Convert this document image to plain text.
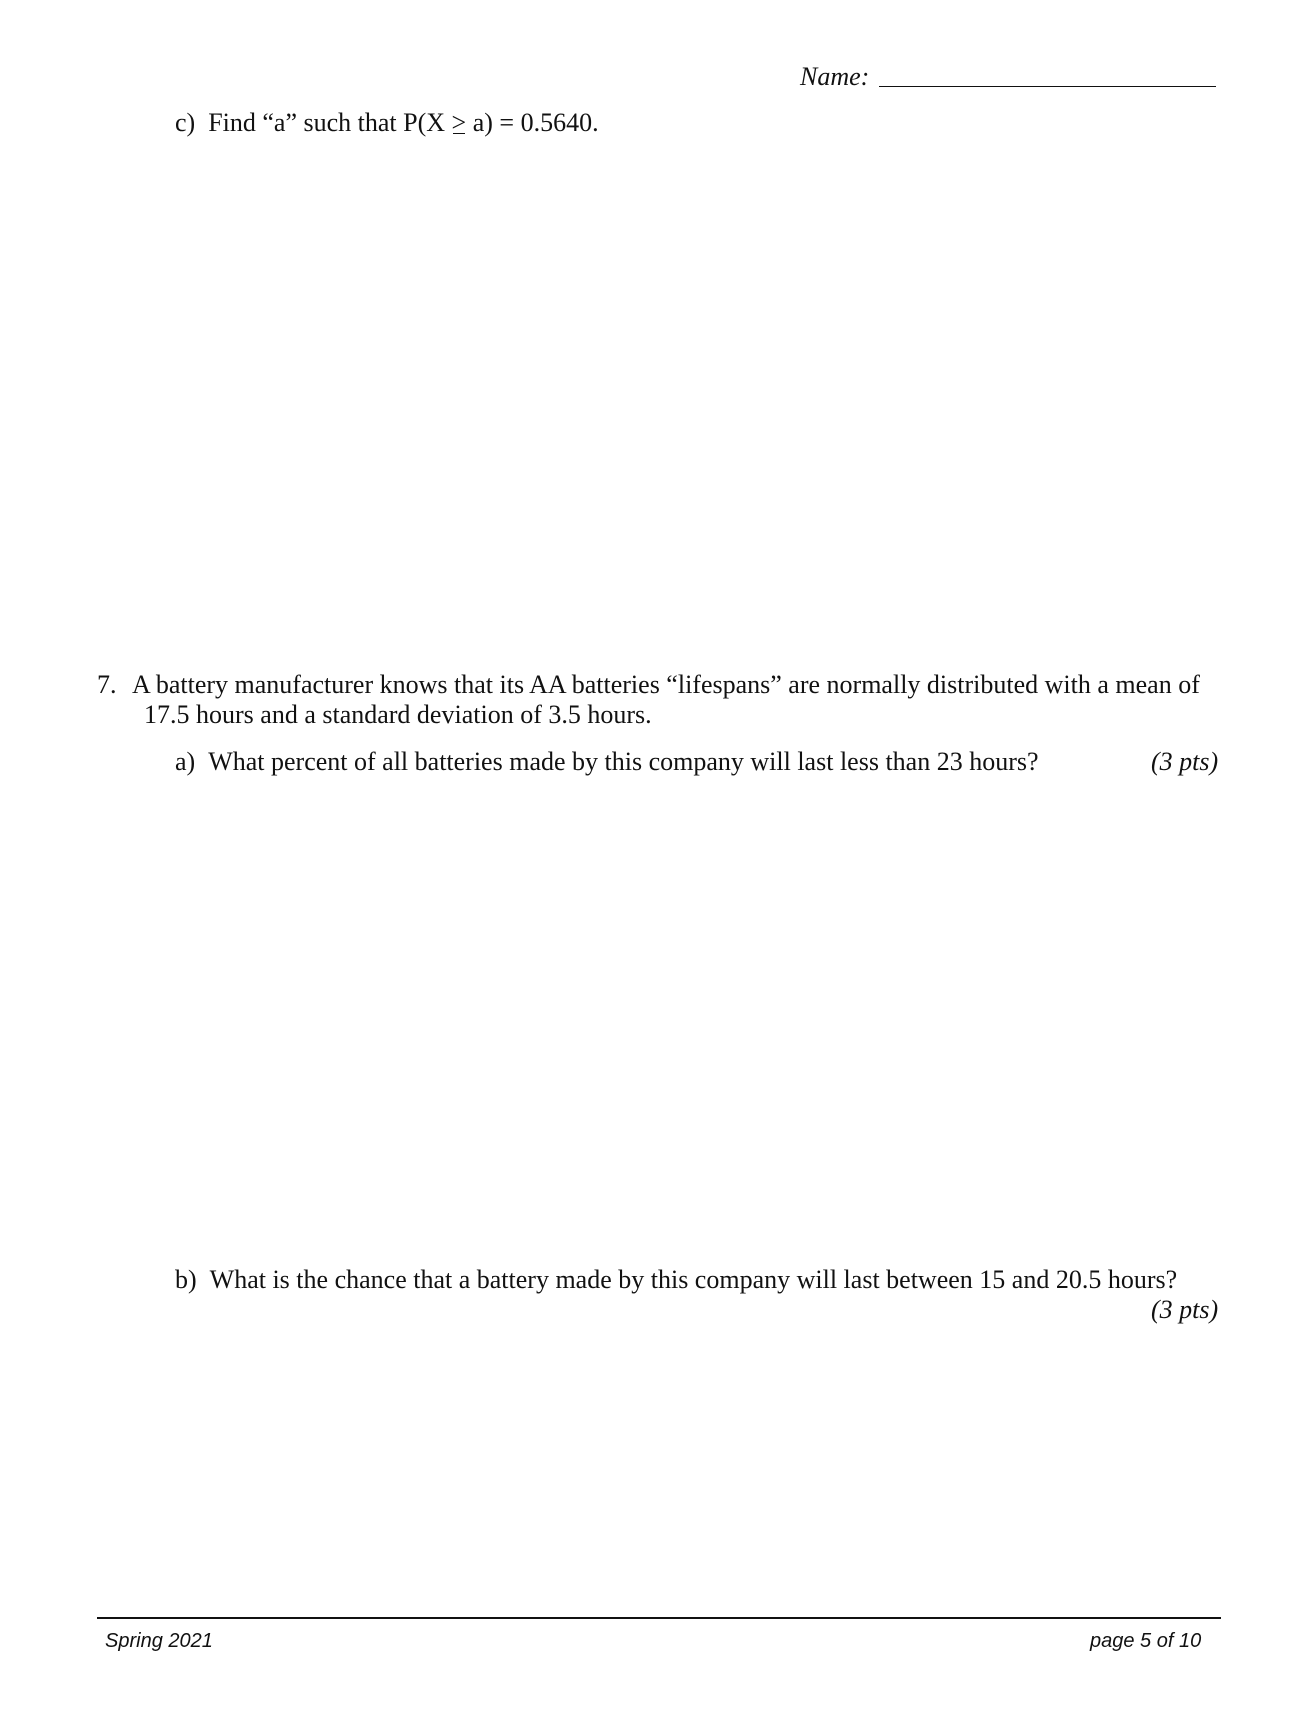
Name:
c)  Find “a” such that P(X > a) = 0.5640.
7. A battery manufacturer knows that its AA batteries “lifespans” are normally distributed with a mean of
17.5 hours and a standard deviation of 3.5 hours.
a)  What percent of all batteries made by this company will last less than 23 hours?	(3 pts)
b)  What is the chance that a battery made by this company will last between 15 and 20.5 hours?
(3 pts)
Spring 2021	page 5 of 10
